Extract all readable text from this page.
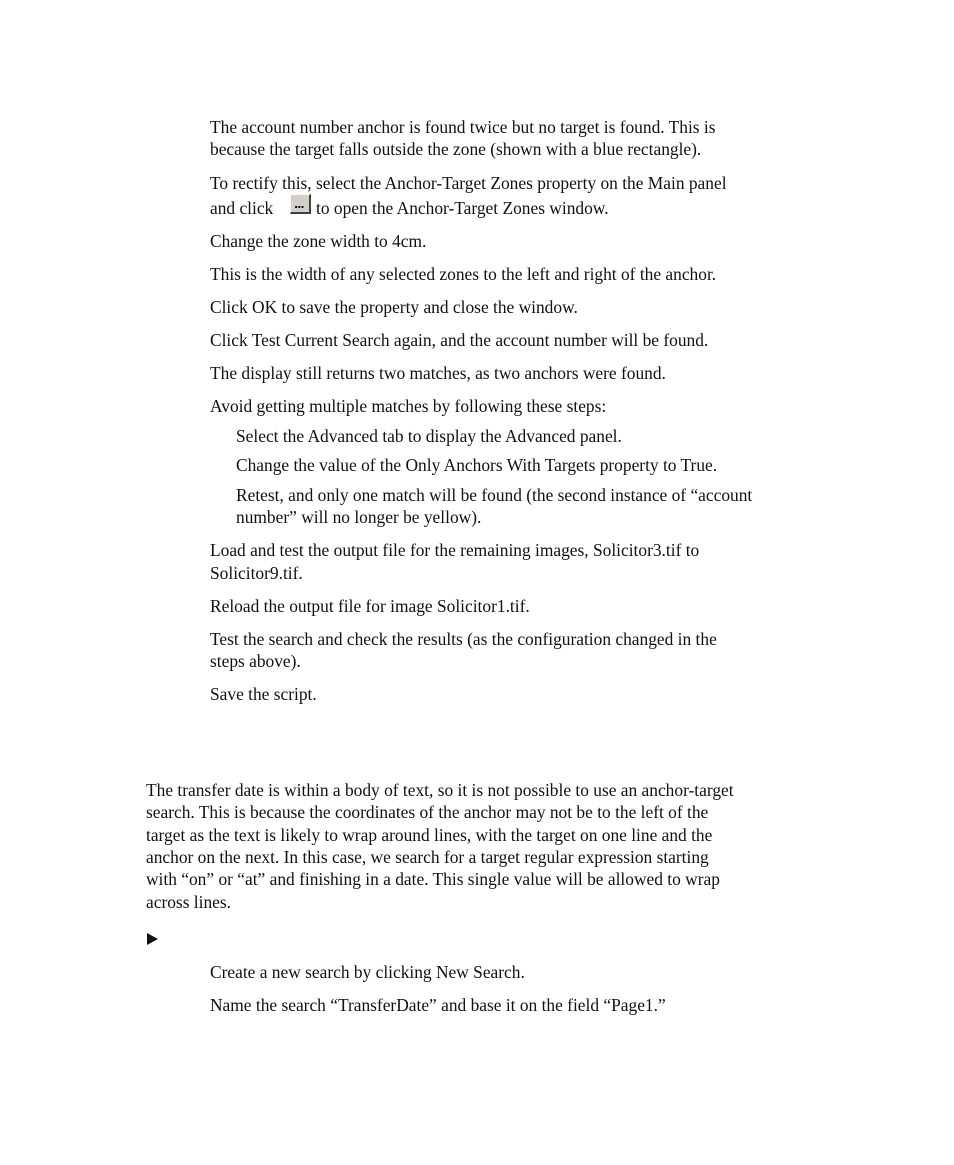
The account number anchor is found twice but no target is found. This is

because the target falls outside the zone (shown with a blue rectangle).

To rectify this, select the Anchor-Target Zones property on the Main panel

and click ... to open the Anchor-Target Zones window.

Change the zone width to 4cm.

This is the width of any selected zones to the left and right of the anchor.

Click OK to save the property and close the window.

Click Test Current Search again, and the account number will be found.

The display still returns two matches, as two anchors were found.

Avoid getting multiple matches by following these steps:

Select the Advanced tab to display the Advanced panel.

Change the value of the Only Anchors With Targets property to True.

Retest, and only one match will be found (the second instance of “account

number” will no longer be yellow).

Load and test the output file for the remaining images, Solicitor3.tif to

Solicitor9.tif.

Reload the output file for image Solicitor1.tif.

Test the search and check the results (as the configuration changed in the

steps above).

Save the script.

The transfer date is within a body of text, so it is not possible to use an anchor-target

search. This is because the coordinates of the anchor may not be to the left of the

target as the text is likely to wrap around lines, with the target on one line and the

anchor on the next. In this case, we search for a target regular expression starting

with “on” or “at” and finishing in a date. This single value will be allowed to wrap

across lines.

Create a new search by clicking New Search.

Name the search “TransferDate” and base it on the field “Page1.”
